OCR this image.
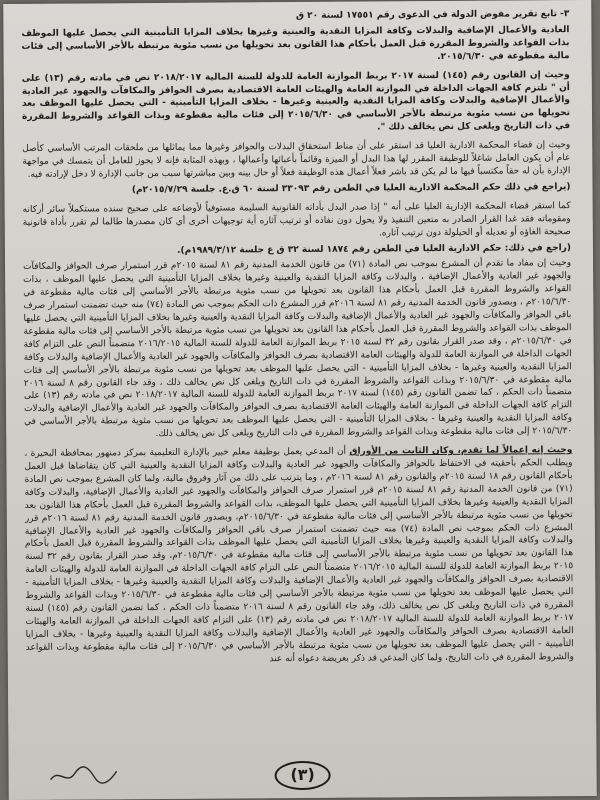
٣- تابع تقرير مفوض الدولة في الدعوى رقم ١٧٥٥١ لسنة ٢٠ ق

العادية والأعمال الإضافية والبدلات وكافة المزايا النقدية والعينية وغيرها بخلاف المزايا التأمينية التي يحصل عليها الموظف بذات القواعد والشروط المقررة قبل العمل بأحكام هذا القانون بعد تحويلها من نسب مئوية مرتبطة بالأجر الأساسي إلى فئات مالية مقطوعة في ٢٠١٥/٦/٣٠.

وحيث إن القانون رقم (١٤٥) لسنة ٢٠١٧ بربط الموازنة العامة للدولة للسنة المالية ٢٠١٨/٢٠١٧ نص في مادته رقم (١٣) على أن " تلتزم كافة الجهات الداخلة في الموازنة العامة والهيئات العامة الاقتصادية بصرف الحوافز والمكافآت والجهود غير العادية والأعمال الإضافية والبدلات وكافة المزايا النقدية والعينية وغيرها - بخلاف المزايا التأمينية - التي يحصل عليها الموظف بعد تحويلها من نسب مئوية مرتبطة بالأجر الأساسي في ٢٠١٥/٦/٣٠ إلى فئات مالية مقطوعة وبذات القواعد والشروط المقررة في ذات التاريخ ويلغى كل نص يخالف ذلك ".

وحيث إن قضاء المحكمة الادارية العليا قد استقر على أن مناط استحقاق البدلات والحوافز وغيرها مما يماثلها من ملحقات المرتب الأساسي كأصل عام أن يكون العامل شاغلاً للوظيفة المقرر لها هذا البدل أو الميزة وقائماً بأعبائها وأعمالها ، وبهذه المثابة فإنه لا يجوز للعامل أن يتمسك في مواجهة الإدارة بأن له حقاً مكتسباً فيها ما لم يكن قد باشر فعلاً أعمال هذه الوظيفة فعلاً أو حال بينه وبين مباشرتها سبب من جانب الإدارة لا دخل لإرادته فيه.

(يراجع في ذلك حكم المحكمة الادارية العليا في الطعن رقم ٣٣٠٩٣ لسنة ٦٠ ق.ع. جلسة ٢٠١٥/٧/٢٩م)

كما استقر قضاء المحكمة الإدارية العليا على أنه " إذا صدر البدل بأداته القانونية السليمة مستوفياً لأوضاعه على صحيح سنده مستكملاً سائر أركانه ومقوماته فقد غدا القرار الصادر به متعين التنفيذ ولا يحول دون نفاذه أو ترتيب آثاره أية توجيهات أخرى أي كان مصدرها طالما لم تقرر بأداة قانونية صحيحة الغاؤه أو تعديله أو الحيلولة دون ترتيب آثاره.

(راجع في ذلك: حكم الادارية العليا في الطعن رقم ١٨٧٤ لسنة ٣٢ ق ع جلسة ١٩٨٩/٣/١٢م).

وحيث إن مفاد ما تقدم أن المشرع بموجب نص المادة (٧١) من قانون الخدمة المدنية رقم ٨١ لسنة ٢٠١٥م قرر استمرار صرف الحوافز والمكافآت والجهود غير العادية والأعمال الإضافية ، والبدلات وكافة المزايا النقدية والعينية وغيرها بخلاف المزايا التأمينية التي يحصل عليها الموظف ، بذات القواعد والشروط المقررة قبل العمل بأحكام هذا القانون بعد تحويلها من نسب مئوية مرتبطة بالأجر الأساسي إلى فئات مالية مقطوعة في ٢٠١٥/٦/٣٠م ، وبصدور قانون الخدمة المدنية رقم ٨١ لسنة ٢٠١٦م قرر المشرع ذات الحكم بموجب نص المادة (٧٤) منه حيث تضمنت استمرار صرف باقي الحوافز والمكافآت والجهود غير العادية والأعمال الإضافية والبدلات وكافة المزايا النقدية والعينية وغيرها بخلاف المزايا التأمينية التي يحصل عليها الموظف بذات القواعد والشروط المقررة قبل العمل بأحكام هذا القانون بعد تحويلها من نسب مئوية مرتبطة بالأجر الأساسي إلى فئات مالية مقطوعة في ٢٠١٥/٦/٣٠م ، وقد صدر القرار بقانون رقم ٣٢ لسنة ٢٠١٥ بربط الموازنة العامة للدولة للسنة المالية ٢٠١٦/٢٠١٥ متضمناً النص على التزام كافة الجهات الداخلة في الموازنة العامة للدولة والهيئات العامة الاقتصادية بصرف الحوافز والمكافآت والجهود غير العادية والأعمال الإضافية والبدلات وكافة المزايا النقدية والعينية وغيرها - بخلاف المزايا التأمينية - التي يحصل عليها الموظف بعد تحويلها من نسب مئوية مرتبطة بالأجر الأساسي إلى فئات مالية مقطوعة في ٢٠١٥/٦/٣٠ وبذات القواعد والشروط المقررة في ذات التاريخ ويلغى كل نص يخالف ذلك ، وقد جاء القانون رقم ٨ لسنة ٢٠١٦ متضمناً ذات الحكم ، كما تضمن القانون رقم (١٤٥) لسنة ٢٠١٧ بربط الموازنة العامة للدولة للسنة المالية ٢٠١٨/٢٠١٧ نص في مادته رقم (١٣) على التزام كافة الجهات الداخلة في الموازنة العامة والهيئات العامة الاقتصادية بصرف الحوافز والمكافآت والجهود غير العادية والأعمال الإضافية والبدلات وكافة المزايا النقدية والعينية وغيرها - بخلاف المزايا التأمينية - التي يحصل عليها الموظف بعد تحويلها من نسب مئوية مرتبطة بالأجر الأساسي في ٢٠١٥/٦/٣٠ إلى فئات مالية مقطوعة وبذات القواعد والشروط المقررة في ذات التاريخ ويلغى كل نص يخالف ذلك.

وحيث إنه إعمالاً لما تقدم، وكان الثابت من الأوراق أن المدعي يعمل بوظيفة معلم خبير بالإدارة التعليمية بمركز دمنهور بمحافظة البحيرة ، ويطلب الحكم بأحقيته في الاحتفاظ بالحوافز والمكافآت والجهود غير العادية والبدلات وكافة المزايا النقدية والعينية التي كان يتقاضاها قبل العمل بأحكام القانون رقم ١٨ لسنة ٢٠١٥م والقانون رقم ٨١ لسنة ٢٠١٦م ، وما يترتب على ذلك من آثار وفروق مالية، ولما كان المشرع بموجب نص المادة (٧١) من قانون الخدمة المدنية رقم ٨١ لسنة ٢٠١٥م قرر استمرار صرف الحوافز والمكافآت والجهود غير العادية والأعمال الإضافية، والبدلات وكافة المزايا النقدية والعينية وغيرها بخلاف المزايا التأمينية التي يحصل عليها الموظف، بذات القواعد والشروط المقررة قبل العمل بأحكام هذا القانون بعد تحويلها من نسب مئوية مرتبطة بالأجر الأساسي إلى فئات مالية مقطوعة في ٢٠١٥/٦/٣٠م، وبصدور قانون الخدمة المدنية رقم ٨١ لسنة ٢٠١٦م قرر المشرع ذات الحكم بموجب نص المادة (٧٤) منه حيث تضمنت استمرار صرف باقي الحوافز والمكافآت والجهود غير العادية والأعمال الإضافية والبدلات وكافة المزايا النقدية والعينية وغيرها بخلاف المزايا التأمينية التي يحصل عليها الموظف بذات القواعد والشروط المقررة قبل العمل بأحكام هذا القانون بعد تحويلها من نسب مئوية مرتبطة بالأجر الأساسي إلى فئات مالية مقطوعة في ٢٠١٥/٦/٣٠م، وقد صدر القرار بقانون رقم ٣٢ لسنة ٢٠١٥ بربط الموازنة العامة للدولة للسنة المالية ٢٠١٦/٢٠١٥ متضمناً النص على التزام كافة الجهات الداخلة في الموازنة العامة للدولة والهيئات العامة الاقتصادية بصرف الحوافز والمكافآت والجهود غير العادية والأعمال الإضافية والبدلات وكافة المزايا النقدية والعينية وغيرها - بخلاف المزايا التأمينية - التي يحصل عليها الموظف بعد تحويلها من نسب مئوية مرتبطة بالأجر الأساسي إلى فئات مالية مقطوعة في ٢٠١٥/٦/٣٠ وبذات القواعد والشروط المقررة في ذات التاريخ ويلغى كل نص يخالف ذلك، وقد جاء القانون رقم ٨ لسنة ٢٠١٦ متضمناً ذات الحكم ، كما تضمن القانون رقم (١٤٥) لسنة ٢٠١٧ بربط الموازنة العامة للدولة للسنة المالية ٢٠١٨/٢٠١٧ نص في مادته رقم (١٣) على التزام كافة الجهات الداخلة في الموازنة العامة والهيئات العامة الاقتصادية بصرف الحوافز والمكافآت والجهود غير العادية والأعمال الإضافية والبدلات وكافة المزايا النقدية والعينية وغيرها - بخلاف المزايا التأمينية - التي يحصل عليها الموظف بعد تحويلها من نسب مئوية مرتبطة بالأجر الأساسي في ٢٠١٥/٦/٣٠ إلى فئات مالية مقطوعة وبذات القواعد والشروط المقررة في ذات التاريخ، ولما كان المدعي قد ذكر بعريضة دعواه أنه عند

(٣)
